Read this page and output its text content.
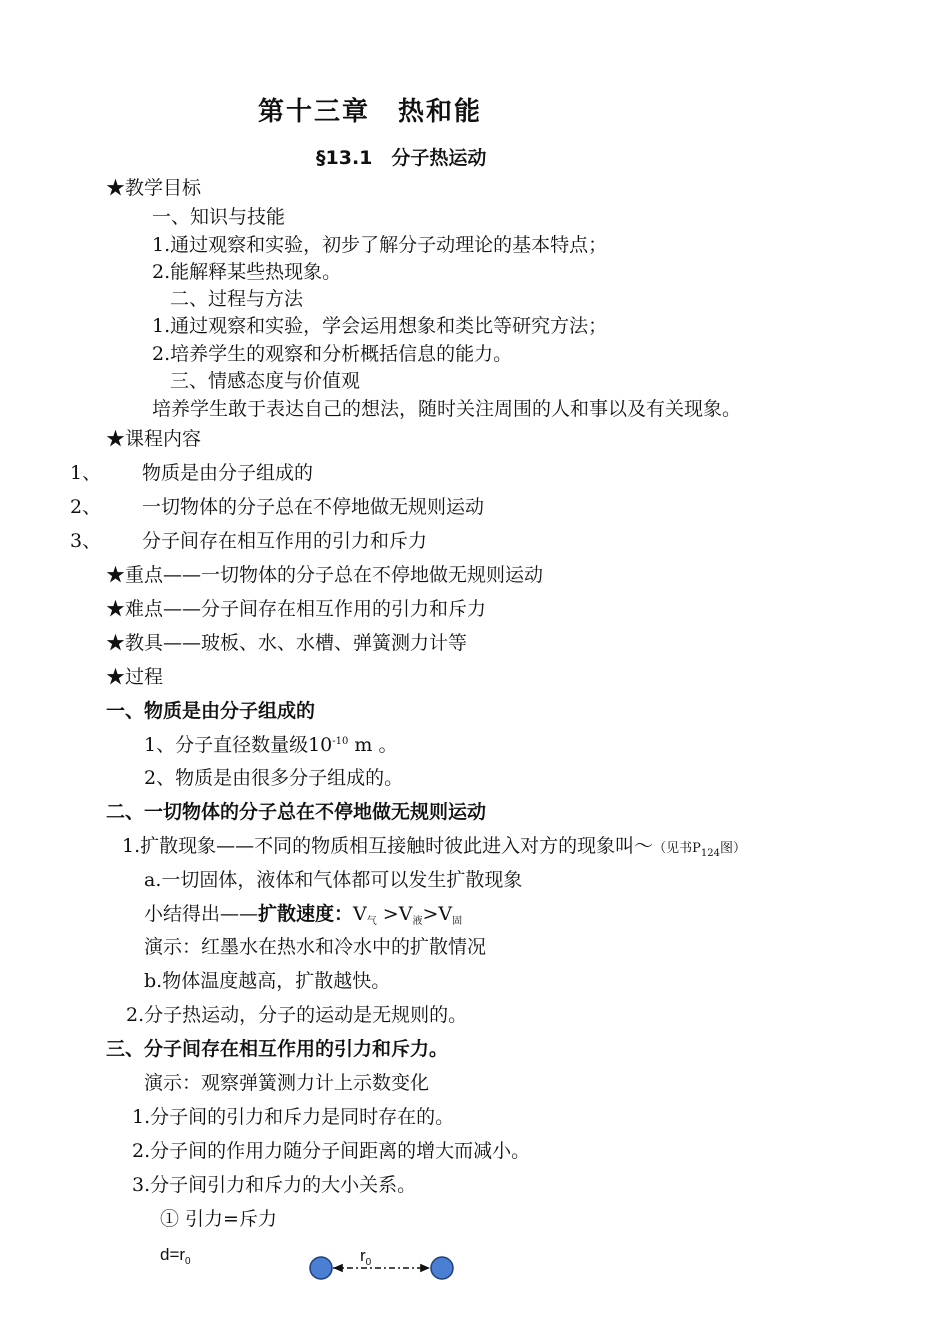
第十三章　热和能
§13.1　分子热运动
★教学目标
一、知识与技能
1.通过观察和实验，初步了解分子动理论的基本特点；
2.能解释某些热现象。
二、过程与方法
1.通过观察和实验，学会运用想象和类比等研究方法；
2.培养学生的观察和分析概括信息的能力。
三、情感态度与价值观
培养学生敢于表达自己的想法，随时关注周围的人和事以及有关现象。
★课程内容
1、 物质是由分子组成的
2、 一切物体的分子总在不停地做无规则运动
3、 分子间存在相互作用的引力和斥力
★重点——一切物体的分子总在不停地做无规则运动
★难点——分子间存在相互作用的引力和斥力
★教具——玻板、水、水槽、弹簧测力计等
★过程
一、物质是由分子组成的
1、分子直径数量级$10^{-10}$ m 。
2、物质是由很多分子组成的。
二、一切物体的分子总在不停地做无规则运动
1.扩散现象——不同的物质相互接触时彼此进入对方的现象叫～（见书$P_{124}$图）
a.一切固体，液体和气体都可以发生扩散现象
小结得出——扩散速度：$V_气 >V_液>V_固$
演示：红墨水在热水和冷水中的扩散情况
b.物体温度越高，扩散越快。
2.分子热运动，分子的运动是无规则的。
三、分子间存在相互作用的引力和斥力。
演示：观察弹簧测力计上示数变化
1.分子间的引力和斥力是同时存在的。
2.分子间的作用力随分子间距离的增大而减小。
3.分子间引力和斥力的大小关系。
① 引力=斥力
$d=r_0$	$r_0$
